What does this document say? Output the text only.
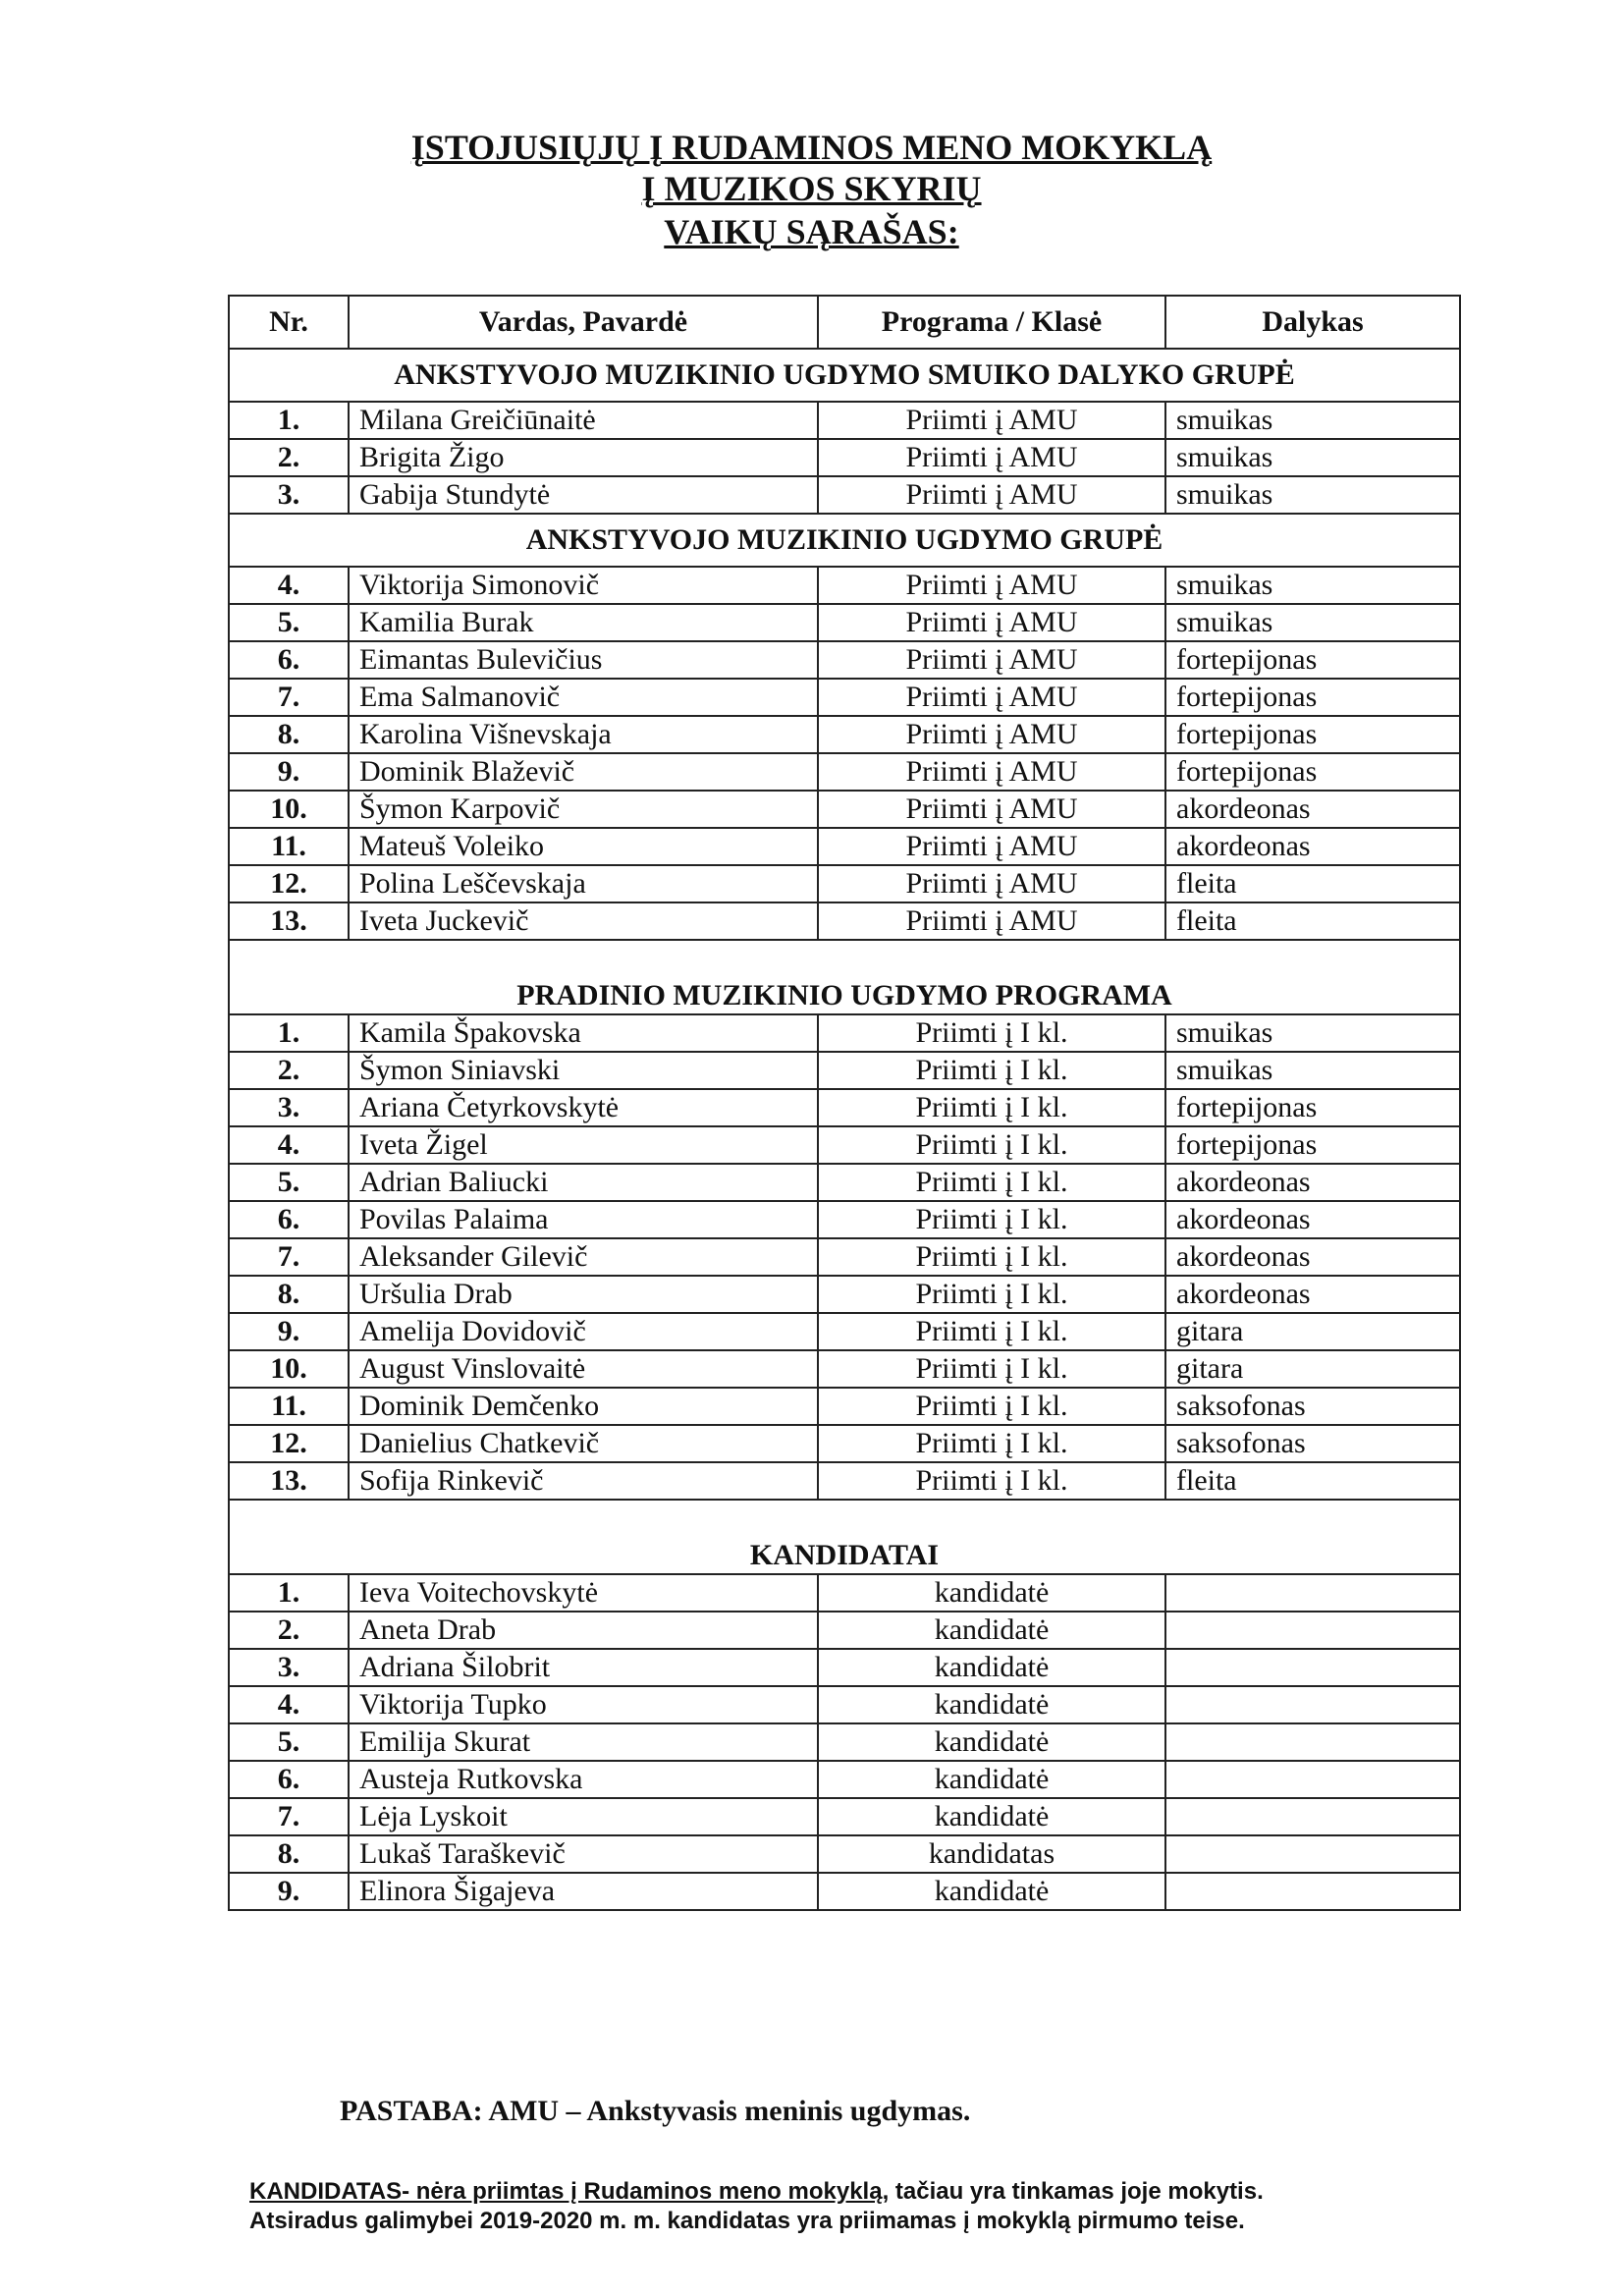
ĮSTOJUSIŲJŲ Į RUDAMINOS MENO MOKYKLĄ
Į MUZIKOS SKYRIŲ
VAIKŲ SĄRAŠAS:
Nr.	Vardas, Pavardė	Programa / Klasė	Dalykas
ANKSTYVOJO MUZIKINIO UGDYMO SMUIKO DALYKO GRUPĖ			
1.	Milana Greičiūnaitė	Priimti į AMU	smuikas
2.	Brigita Žigo	Priimti į AMU	smuikas
3.	Gabija Stundytė	Priimti į AMU	smuikas
ANKSTYVOJO MUZIKINIO UGDYMO GRUPĖ			
4.	Viktorija Simonovič	Priimti į AMU	smuikas
5.	Kamilia Burak	Priimti į AMU	smuikas
6.	Eimantas Bulevičius	Priimti į AMU	fortepijonas
7.	Ema Salmanovič	Priimti į AMU	fortepijonas
8.	Karolina Višnevskaja	Priimti į AMU	fortepijonas
9.	Dominik Blaževič	Priimti į AMU	fortepijonas
10.	Šymon Karpovič	Priimti į AMU	akordeonas
11.	Mateuš Voleiko	Priimti į AMU	akordeonas
12.	Polina Leščevskaja	Priimti į AMU	fleita
13.	Iveta Juckevič	Priimti į AMU	fleita
PRADINIO MUZIKINIO UGDYMO PROGRAMA			
1.	Kamila Špakovska	Priimti į I kl.	smuikas
2.	Šymon Siniavski	Priimti į I kl.	smuikas
3.	Ariana Četyrkovskytė	Priimti į I kl.	fortepijonas
4.	Iveta Žigel	Priimti į I kl.	fortepijonas
5.	Adrian Baliucki	Priimti į I kl.	akordeonas
6.	Povilas Palaima	Priimti į I kl.	akordeonas
7.	Aleksander Gilevič	Priimti į I kl.	akordeonas
8.	Uršulia Drab	Priimti į I kl.	akordeonas
9.	Amelija Dovidovič	Priimti į I kl.	gitara
10.	August Vinslovaitė	Priimti į I kl.	gitara
11.	Dominik Demčenko	Priimti į I kl.	saksofonas
12.	Danielius Chatkevič	Priimti į I kl.	saksofonas
13.	Sofija Rinkevič	Priimti į I kl.	fleita
KANDIDATAI			
1.	Ieva Voitechovskytė	kandidatė	
2.	Aneta Drab	kandidatė	
3.	Adriana Šilobrit	kandidatė	
4.	Viktorija Tupko	kandidatė	
5.	Emilija Skurat	kandidatė	
6.	Austeja Rutkovska	kandidatė	
7.	Lėja Lyskoit	kandidatė	
8.	Lukaš Taraškevič	kandidatas	
9.	Elinora Šigajeva	kandidatė	
PASTABA: AMU – Ankstyvasis meninis ugdymas.
KANDIDATAS- nėra priimtas į Rudaminos meno mokyklą, tačiau yra tinkamas joje mokytis.
Atsiradus galimybei 2019-2020 m. m. kandidatas yra priimamas į mokyklą pirmumo teise.
